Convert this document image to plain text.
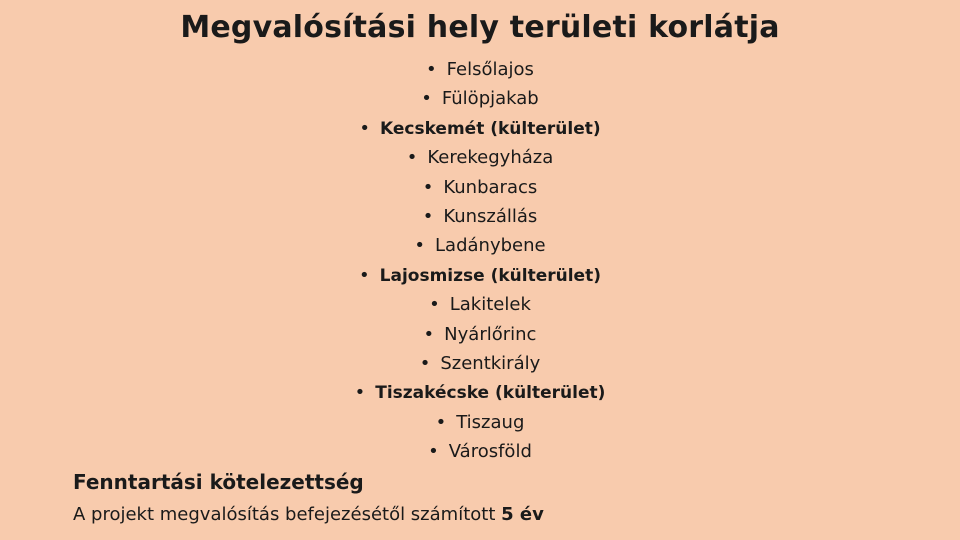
Megvalósítási hely területi korlátja
• Felsőlajos
• Fülöpjakab
• Kecskemét (külterület)
• Kerekegyháza
• Kunbaracs
• Kunszállás
• Ladánybene
• Lajosmizse (külterület)
• Lakitelek
• Nyárlőrinc
• Szentkirály
• Tiszakécske (külterület)
• Tiszaug
• Városföld
Fenntartási kötelezettség
A projekt megvalósítás befejezésétől számított 5 év
